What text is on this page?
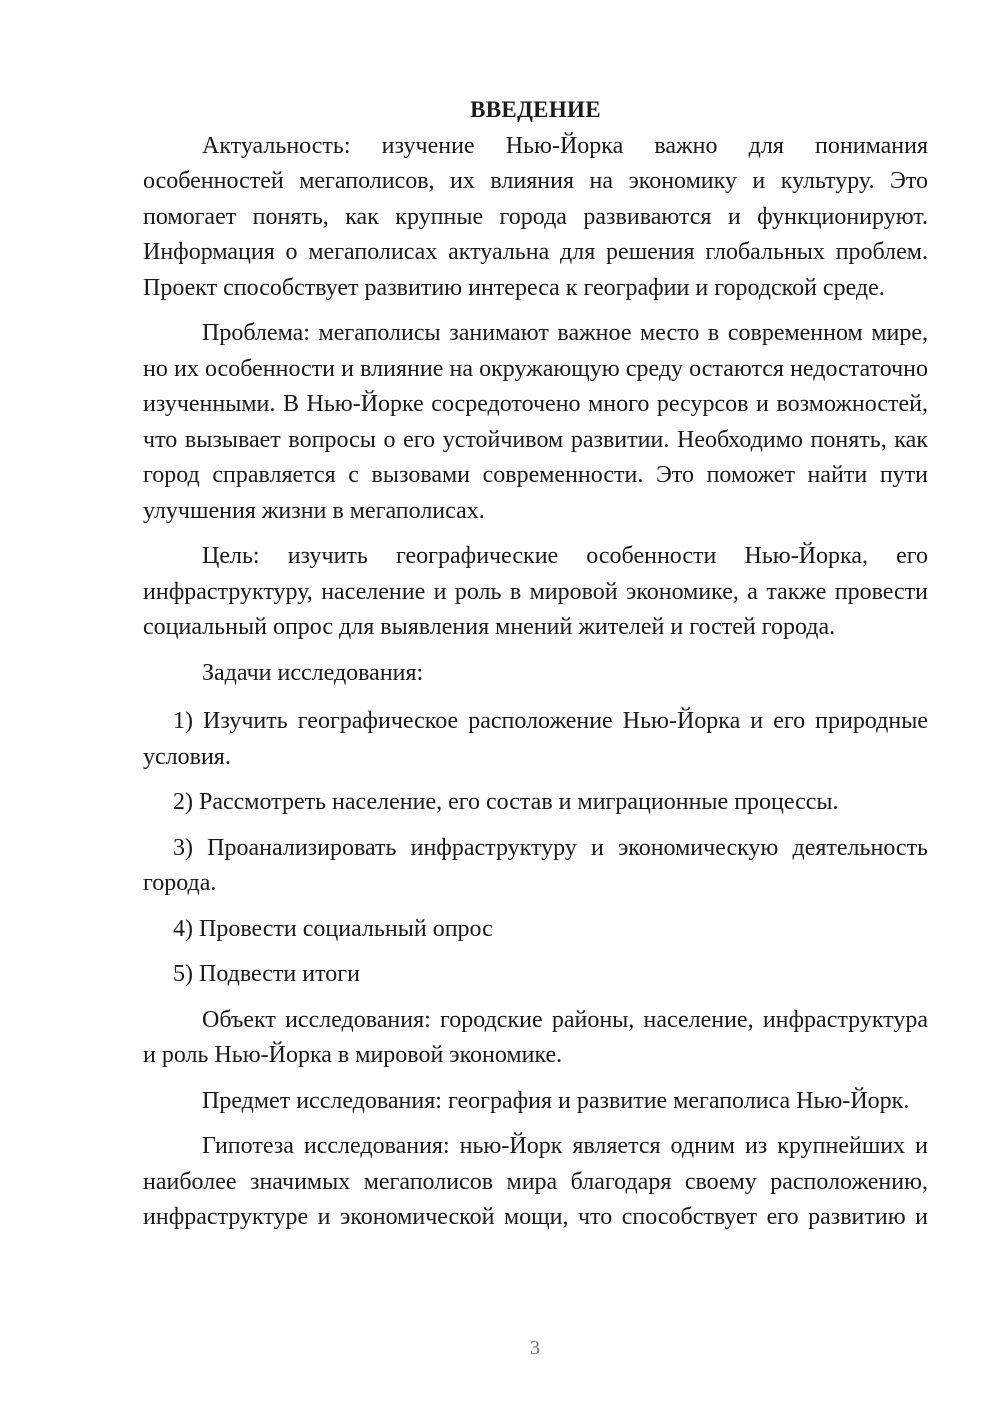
ВВЕДЕНИЕ

Актуальность: изучение Нью-Йорка важно для понимания особенностей мегаполисов, их влияния на экономику и культуру. Это помогает понять, как крупные города развиваются и функционируют. Информация о мегаполисах актуальна для решения глобальных проблем. Проект способствует развитию интереса к географии и городской среде.

Проблема: мегаполисы занимают важное место в современном мире, но их особенности и влияние на окружающую среду остаются недостаточно изученными. В Нью-Йорке сосредоточено много ресурсов и возможностей, что вызывает вопросы о его устойчивом развитии. Необходимо понять, как город справляется с вызовами современности. Это поможет найти пути улучшения жизни в мегаполисах.

Цель: изучить географические особенности Нью-Йорка, его инфраструктуру, население и роль в мировой экономике, а также провести социальный опрос для выявления мнений жителей и гостей города.

Задачи исследования:

1) Изучить географическое расположение Нью-Йорка и его природные условия.

2) Рассмотреть население, его состав и миграционные процессы.

3) Проанализировать инфраструктуру и экономическую деятельность города.

4) Провести социальный опрос

5) Подвести итоги

Объект исследования: городские районы, население, инфраструктура и роль Нью-Йорка в мировой экономике.

Предмет исследования: география и развитие мегаполиса Нью-Йорк.

Гипотеза исследования: нью-Йорк является одним из крупнейших и наиболее значимых мегаполисов мира благодаря своему расположению, инфраструктуре и экономической мощи, что способствует его развитию и

3
